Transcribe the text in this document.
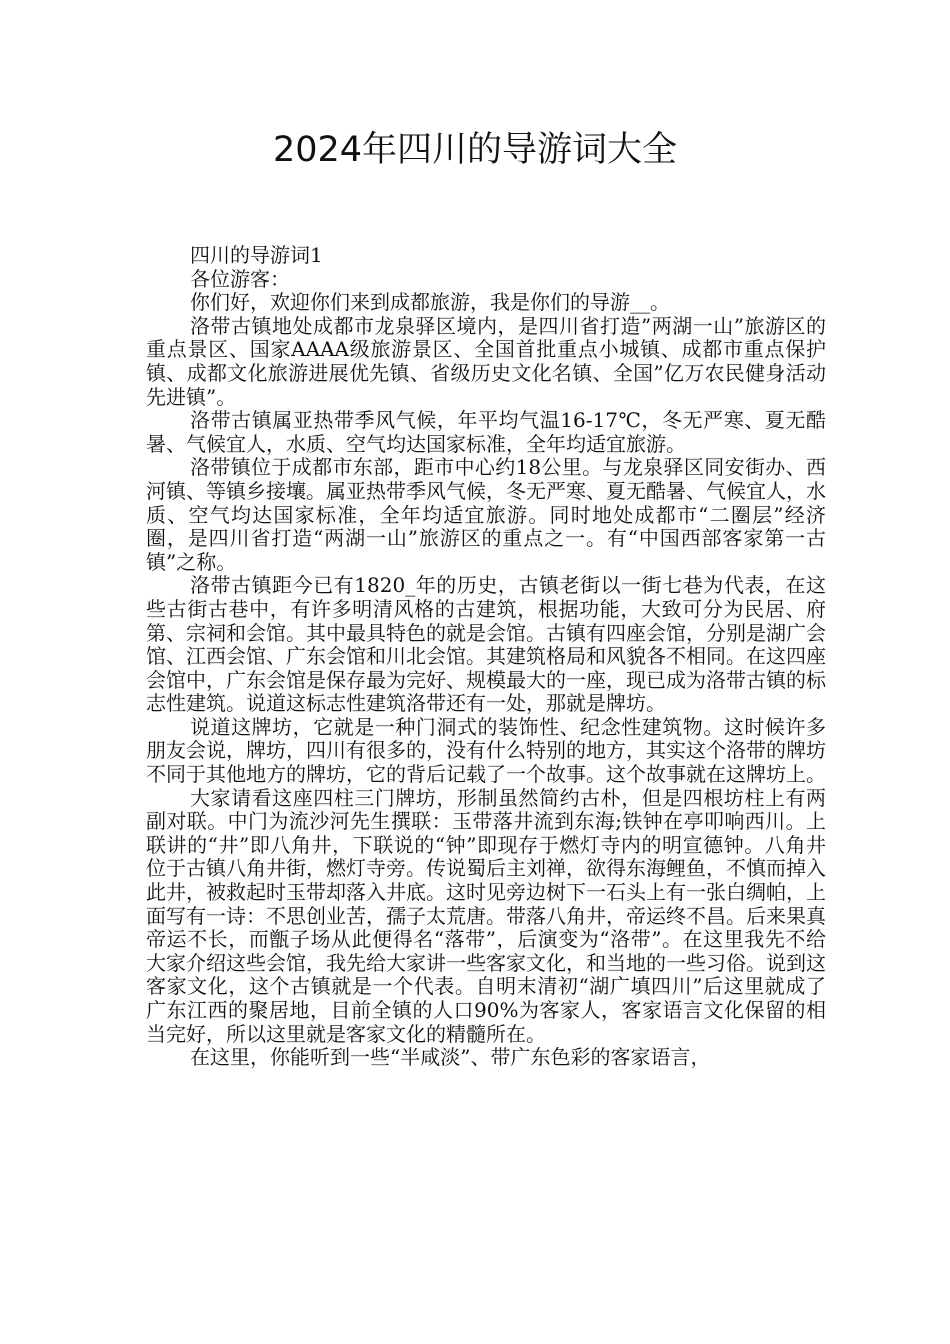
2024年四川的导游词大全

四川的导游词1

各位游客：

你们好，欢迎你们来到成都旅游，我是你们的导游__。

洛带古镇地处成都市龙泉驿区境内，是四川省打造”两湖一山”旅游区的重点景区、国家AAAA级旅游景区、全国首批重点小城镇、成都市重点保护镇、成都文化旅游进展优先镇、省级历史文化名镇、全国”亿万农民健身活动先进镇”。

洛带古镇属亚热带季风气候，年平均气温16-17℃，冬无严寒、夏无酷暑、气候宜人，水质、空气均达国家标准，全年均适宜旅游。

洛带镇位于成都市东部，距市中心约18公里。与龙泉驿区同安街办、西河镇、等镇乡接壤。属亚热带季风气候，冬无严寒、夏无酷暑、气候宜人，水质、空气均达国家标准，全年均适宜旅游。同时地处成都市“二圈层”经济圈，是四川省打造“两湖一山”旅游区的重点之一。有“中国西部客家第一古镇”之称。

洛带古镇距今已有1820_年的历史，古镇老街以一街七巷为代表，在这些古街古巷中，有许多明清风格的古建筑，根据功能，大致可分为民居、府第、宗祠和会馆。其中最具特色的就是会馆。古镇有四座会馆，分别是湖广会馆、江西会馆、广东会馆和川北会馆。其建筑格局和风貌各不相同。在这四座会馆中，广东会馆是保存最为完好、规模最大的一座，现已成为洛带古镇的标志性建筑。说道这标志性建筑洛带还有一处，那就是牌坊。

说道这牌坊，它就是一种门洞式的装饰性、纪念性建筑物。这时候许多朋友会说，牌坊，四川有很多的，没有什么特别的地方，其实这个洛带的牌坊不同于其他地方的牌坊，它的背后记载了一个故事。这个故事就在这牌坊上。

大家请看这座四柱三门牌坊，形制虽然简约古朴，但是四根坊柱上有两副对联。中门为流沙河先生撰联：玉带落井流到东海;铁钟在亭叩响西川。上联讲的“井”即八角井，下联说的“钟”即现存于燃灯寺内的明宣德钟。八角井位于古镇八角井街，燃灯寺旁。传说蜀后主刘禅，欲得东海鲤鱼，不慎而掉入此井，被救起时玉带却落入井底。这时见旁边树下一石头上有一张白绸帕，上面写有一诗：不思创业苦，孺子太荒唐。带落八角井，帝运终不昌。后来果真帝运不长，而甑子场从此便得名“落带”，后演变为“洛带”。在这里我先不给大家介绍这些会馆，我先给大家讲一些客家文化，和当地的一些习俗。说到这客家文化，这个古镇就是一个代表。自明末清初“湖广填四川”后这里就成了广东江西的聚居地，目前全镇的人口90%为客家人，客家语言文化保留的相当完好，所以这里就是客家文化的精髓所在。

在这里，你能听到一些“半咸淡”、带广东色彩的客家语言，
